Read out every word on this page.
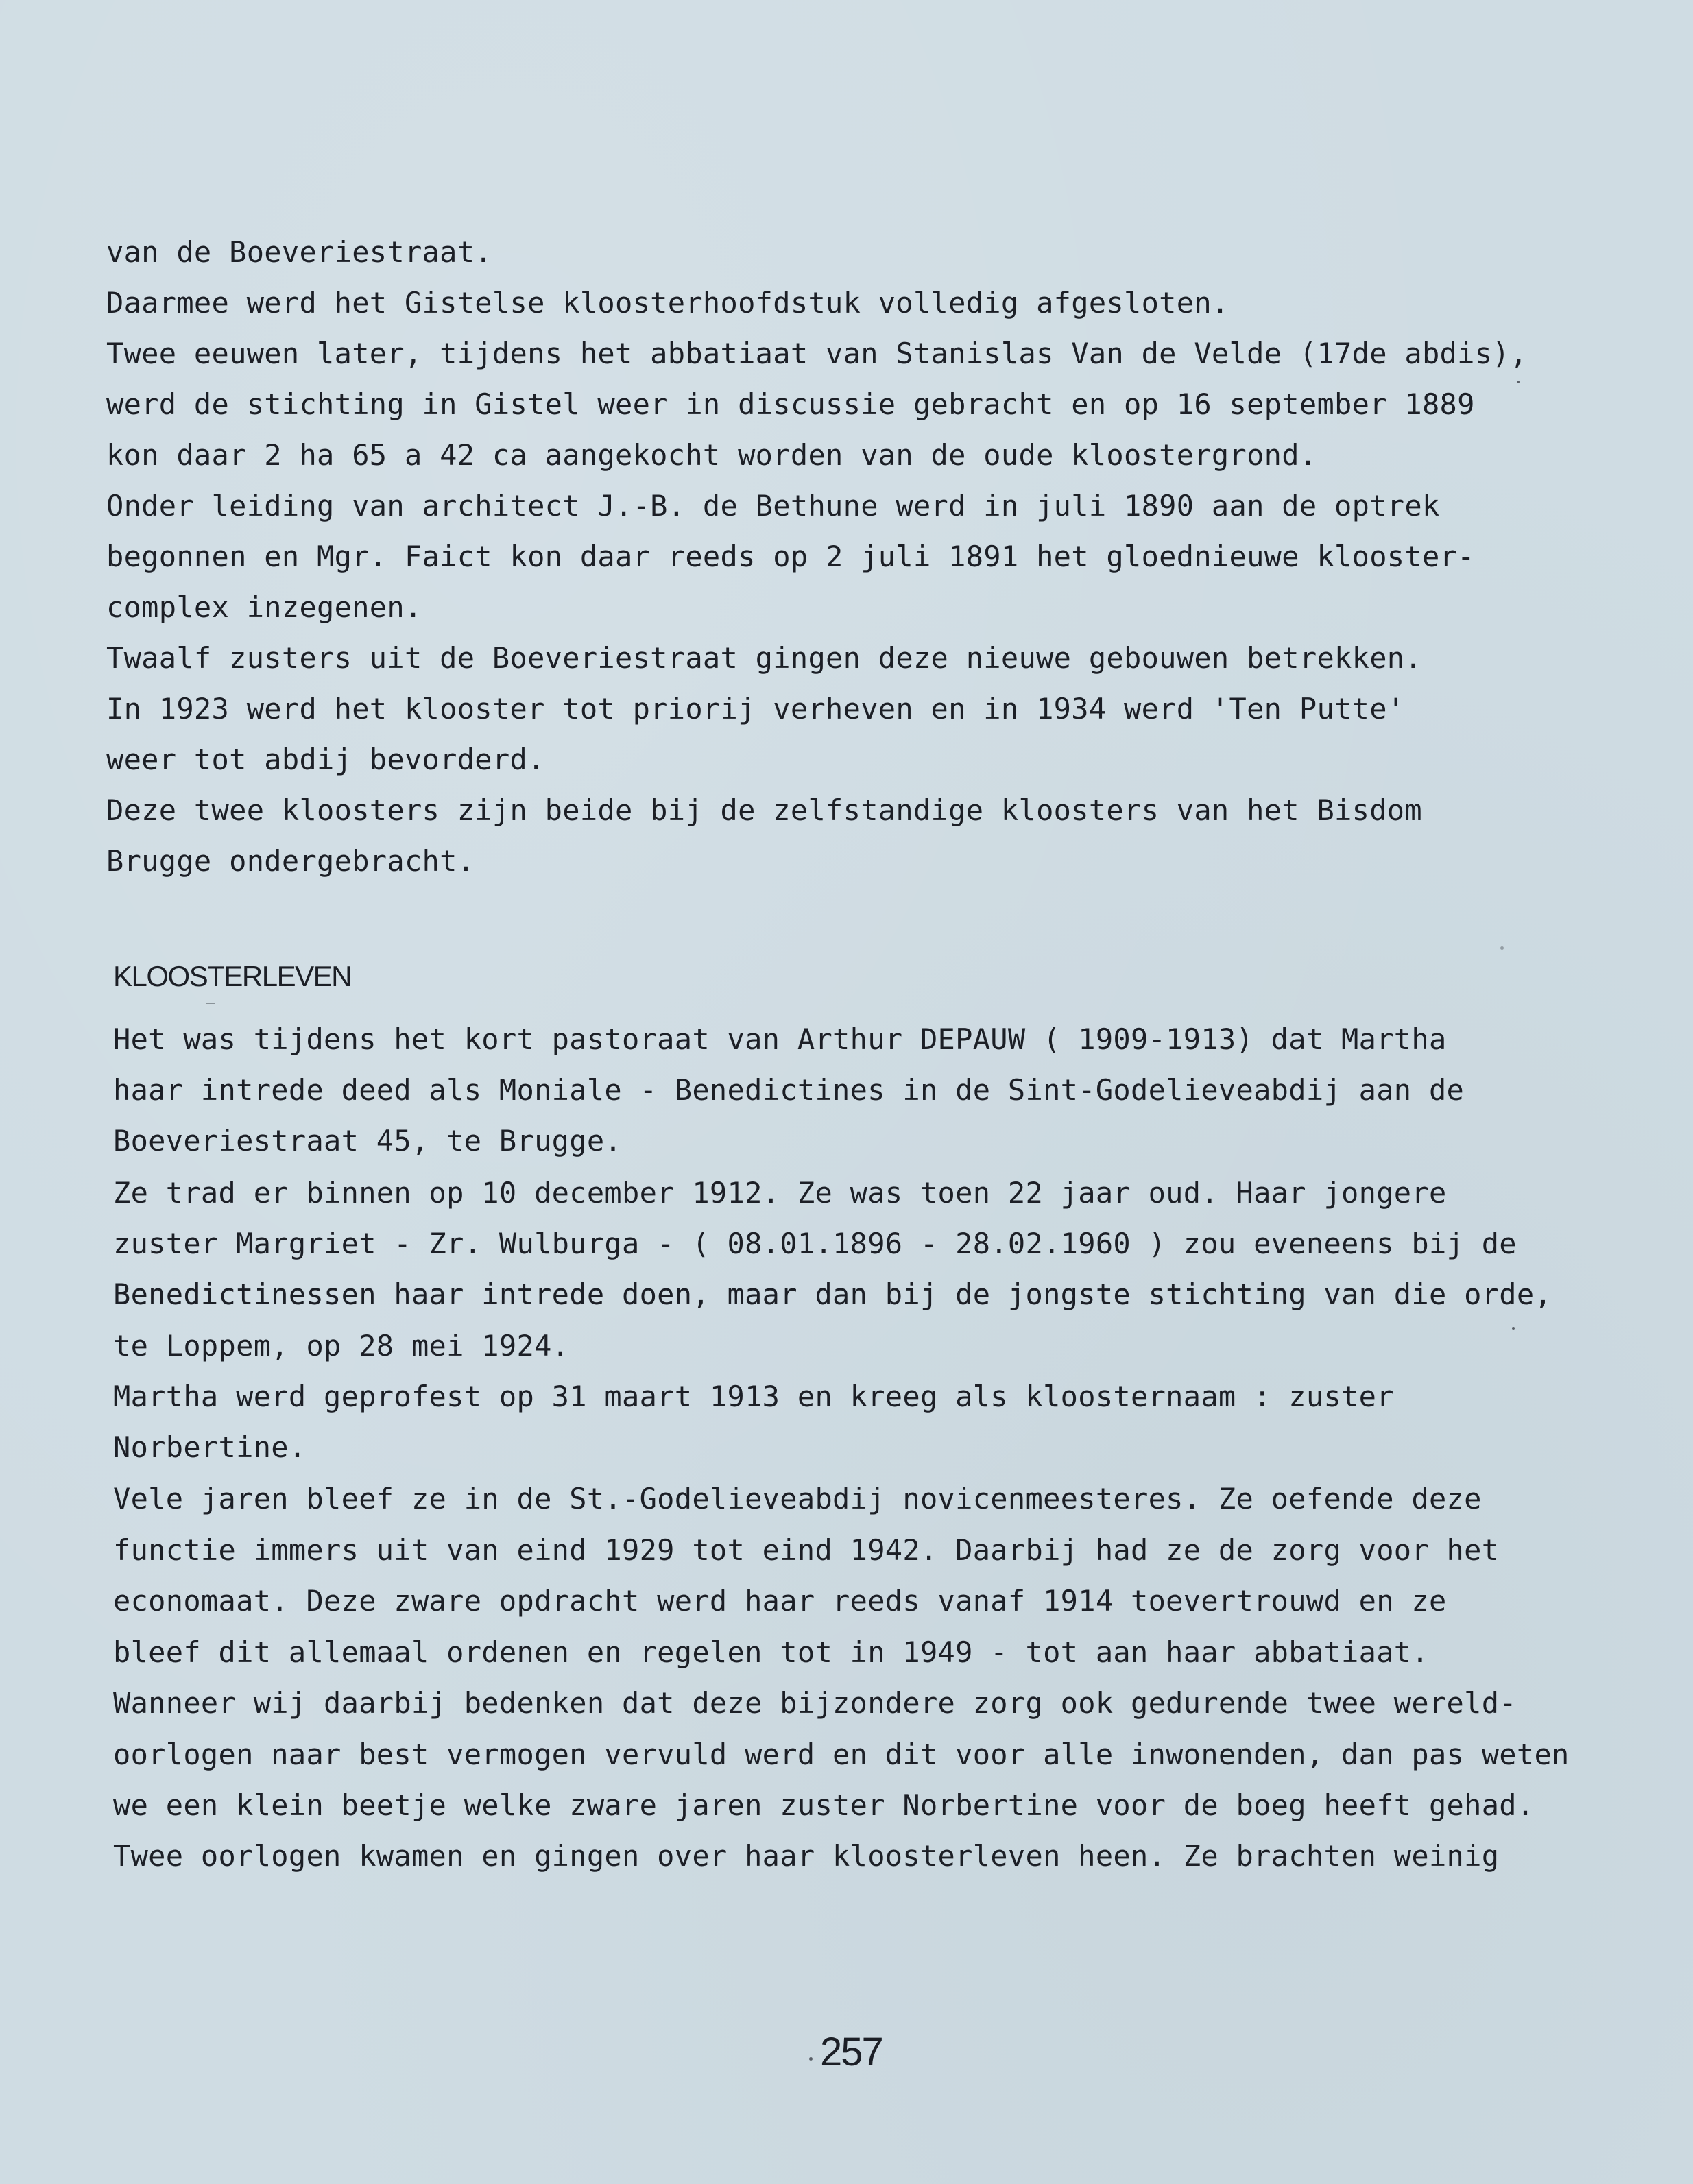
van de Boeveriestraat.
Daarmee werd het Gistelse kloosterhoofdstuk volledig afgesloten.
Twee eeuwen later, tijdens het abbatiaat van Stanislas Van de Velde (17de abdis),
werd de stichting in Gistel weer in discussie gebracht en op 16 september 1889
kon daar 2 ha 65 a 42 ca aangekocht worden van de oude kloostergrond.
Onder leiding van architect J.-B. de Bethune werd in juli 1890 aan de optrek
begonnen en Mgr. Faict kon daar reeds op 2 juli 1891 het gloednieuwe klooster-
complex inzegenen.
Twaalf zusters uit de Boeveriestraat gingen deze nieuwe gebouwen betrekken.
In 1923 werd het klooster tot priorij verheven en in 1934 werd 'Ten Putte'
weer tot abdij bevorderd.
Deze twee kloosters zijn beide bij de zelfstandige kloosters van het Bisdom
Brugge ondergebracht.
KLOOSTERLEVEN
Het was tijdens het kort pastoraat van Arthur DEPAUW ( 1909-1913) dat Martha
haar intrede deed als Moniale - Benedictines in de Sint-Godelieveabdij aan de
Boeveriestraat 45, te Brugge.
Ze trad er binnen op 10 december 1912. Ze was toen 22 jaar oud. Haar jongere
zuster Margriet - Zr. Wulburga - ( 08.01.1896 - 28.02.1960 ) zou eveneens bij de
Benedictinessen haar intrede doen, maar dan bij de jongste stichting van die orde,
te Loppem, op 28 mei 1924.
Martha werd geprofest op 31 maart 1913 en kreeg als kloosternaam : zuster
Norbertine.
Vele jaren bleef ze in de St.-Godelieveabdij novicenmeesteres. Ze oefende deze
functie immers uit van eind 1929 tot eind 1942. Daarbij had ze de zorg voor het
economaat. Deze zware opdracht werd haar reeds vanaf 1914 toevertrouwd en ze
bleef dit allemaal ordenen en regelen tot in 1949 - tot aan haar abbatiaat.
Wanneer wij daarbij bedenken dat deze bijzondere zorg ook gedurende twee wereld-
oorlogen naar best vermogen vervuld werd en dit voor alle inwonenden, dan pas weten
we een klein beetje welke zware jaren zuster Norbertine voor de boeg heeft gehad.
Twee oorlogen kwamen en gingen over haar kloosterleven heen. Ze brachten weinig
257
